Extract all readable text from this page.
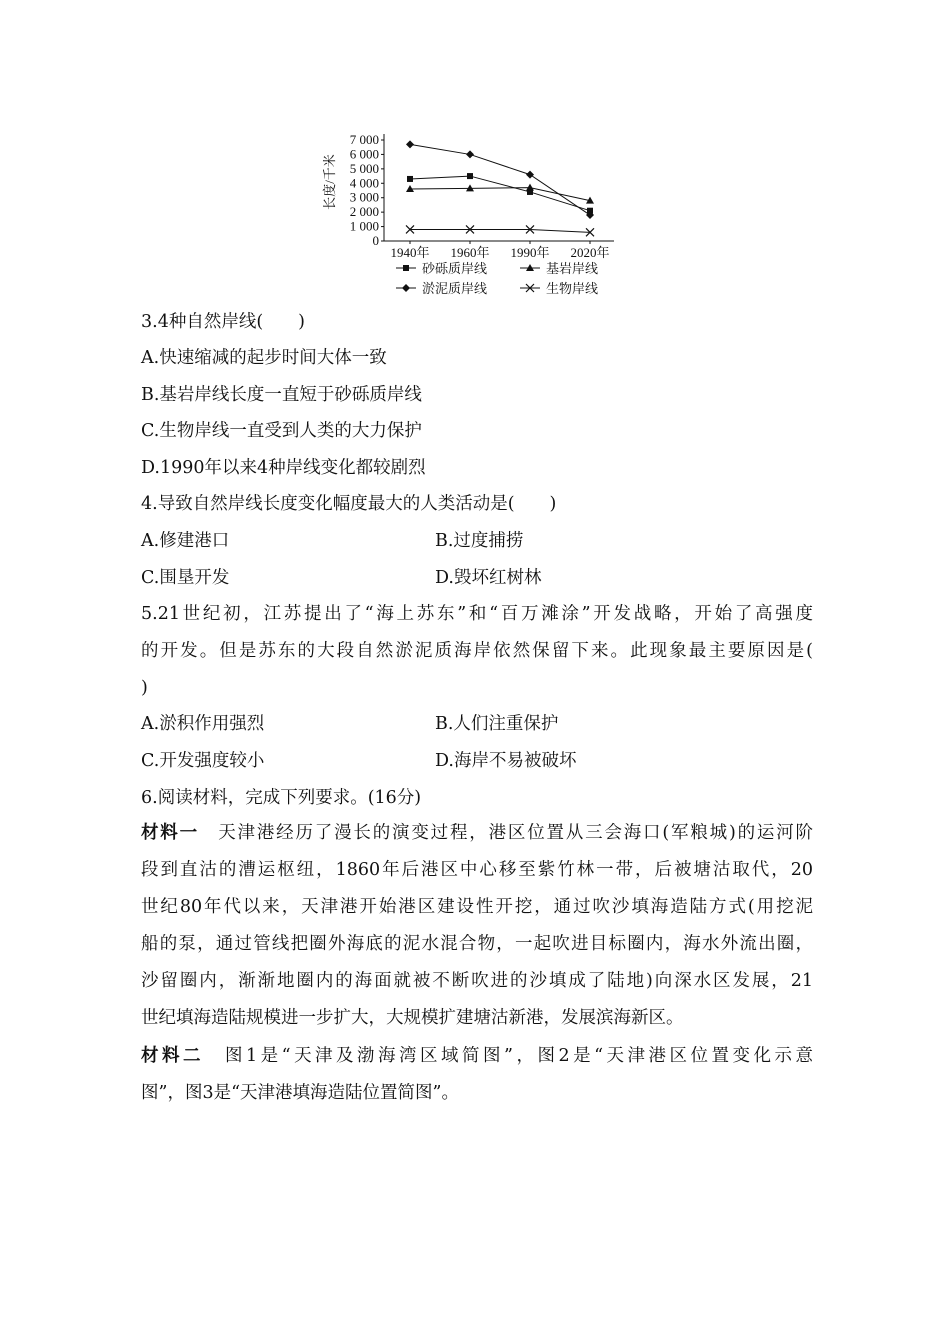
长度/千米
7 000
6 000
5 000
4 000
3 000
2 000
1 000
0
1940年 1960年 1990年 2020年
砂砾质岸线	基岩岸线
淤泥质岸线	生物岸线
3.4种自然岸线(　　)
A.快速缩减的起步时间大体一致
B.基岩岸线长度一直短于砂砾质岸线
C.生物岸线一直受到人类的大力保护
D.1990年以来4种岸线变化都较剧烈
4.导致自然岸线长度变化幅度最大的人类活动是(　　)
A.修建港口	B.过度捕捞
C.围垦开发	D.毁坏红树林
5.21世纪初，江苏提出了“海上苏东”和“百万滩涂”开发战略，开始了高强度
的开发。但是苏东的大段自然淤泥质海岸依然保留下来。此现象最主要原因是(
)
A.淤积作用强烈	B.人们注重保护
C.开发强度较小	D.海岸不易被破坏
6.阅读材料，完成下列要求。(16分)
材料一　天津港经历了漫长的演变过程，港区位置从三会海口(军粮城)的运河阶
段到直沽的漕运枢纽，1860年后港区中心移至紫竹林一带，后被塘沽取代，20
世纪80年代以来，天津港开始港区建设性开挖，通过吹沙填海造陆方式(用挖泥
船的泵，通过管线把圈外海底的泥水混合物，一起吹进目标圈内，海水外流出圈，
沙留圈内，渐渐地圈内的海面就被不断吹进的沙填成了陆地)向深水区发展，21
世纪填海造陆规模进一步扩大，大规模扩建塘沽新港，发展滨海新区。
材料二　图1是“天津及渤海湾区域简图”，图2是“天津港区位置变化示意
图”，图3是“天津港填海造陆位置简图”。
